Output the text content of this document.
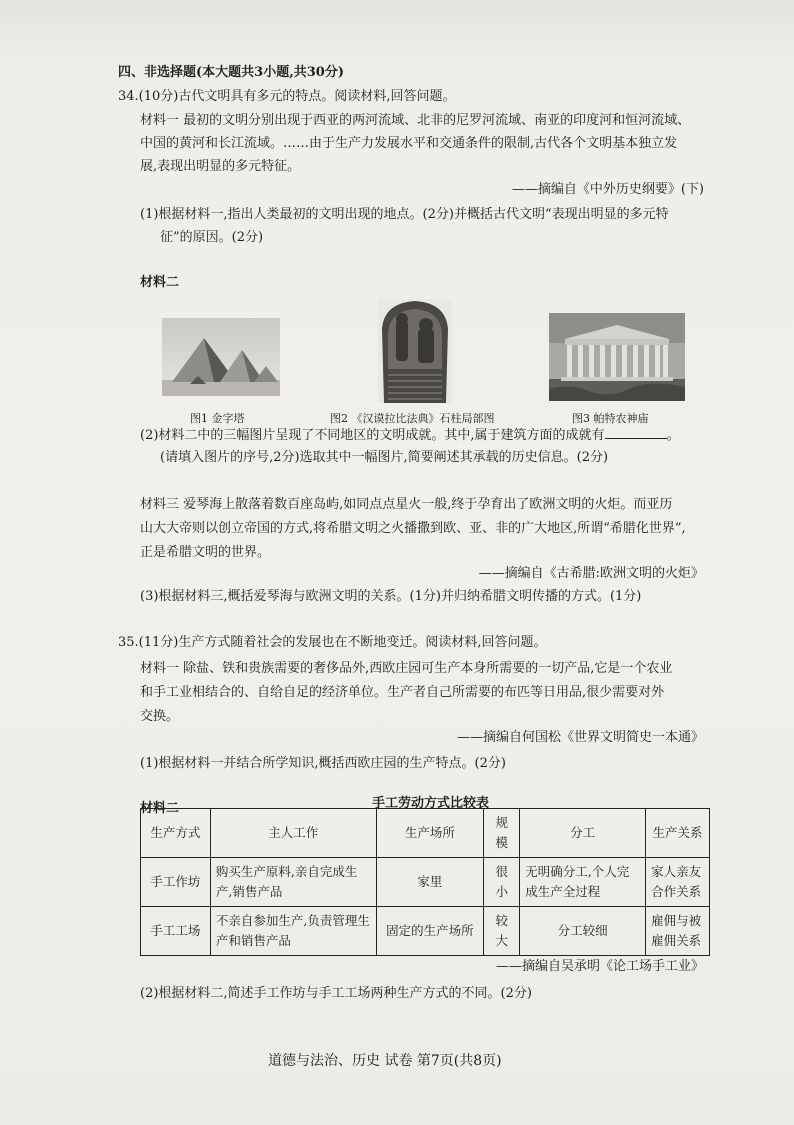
四、非选择题(本大题共3小题,共30分)
34.(10分)古代文明具有多元的特点。阅读材料,回答问题。
材料一 最初的文明分别出现于西亚的两河流域、北非的尼罗河流域、南亚的印度河和恒河流域、
中国的黄河和长江流域。……由于生产力发展水平和交通条件的限制,古代各个文明基本独立发
展,表现出明显的多元特征。
——摘编自《中外历史纲要》(下)
(1)根据材料一,指出人类最初的文明出现的地点。(2分)并概括古代文明“表现出明显的多元特
征”的原因。(2分)
材料二
图1 金字塔	图2 《汉谟拉比法典》石柱局部图	图3 帕特农神庙
(2)材料二中的三幅图片呈现了不同地区的文明成就。其中,属于建筑方面的成就有	。
(请填入图片的序号,2分)选取其中一幅图片,简要阐述其承载的历史信息。(2分)
材料三 爱琴海上散落着数百座岛屿,如同点点星火一般,终于孕育出了欧洲文明的火炬。而亚历
山大大帝则以创立帝国的方式,将希腊文明之火播撒到欧、亚、非的广大地区,所谓“希腊化世界”,
正是希腊文明的世界。
——摘编自《古希腊:欧洲文明的火炬》
(3)根据材料三,概括爱琴海与欧洲文明的关系。(1分)并归纳希腊文明传播的方式。(1分)
35.(11分)生产方式随着社会的发展也在不断地变迁。阅读材料,回答问题。
材料一 除盐、铁和贵族需要的奢侈品外,西欧庄园可生产本身所需要的一切产品,它是一个农业
和手工业相结合的、自给自足的经济单位。生产者自己所需要的布匹等日用品,很少需要对外
交换。
——摘编自何国松《世界文明简史一本通》
(1)根据材料一并结合所学知识,概括西欧庄园的生产特点。(2分)
材料二	手工劳动方式比较表
生产方式	主人工作	生产场所	规模	分工	生产关系
手工作坊	购买生产原料,亲自完成生产,销售产品	家里	很小	无明确分工,个人完成生产全过程	家人亲友合作关系
手工工场	不亲自参加生产,负责管理生产和销售产品	固定的生产场所	较大	分工较细	雇佣与被雇佣关系
——摘编自吴承明《论工场手工业》
(2)根据材料二,简述手工作坊与手工工场两种生产方式的不同。(2分)
道德与法治、历史 试卷 第7页(共8页)
